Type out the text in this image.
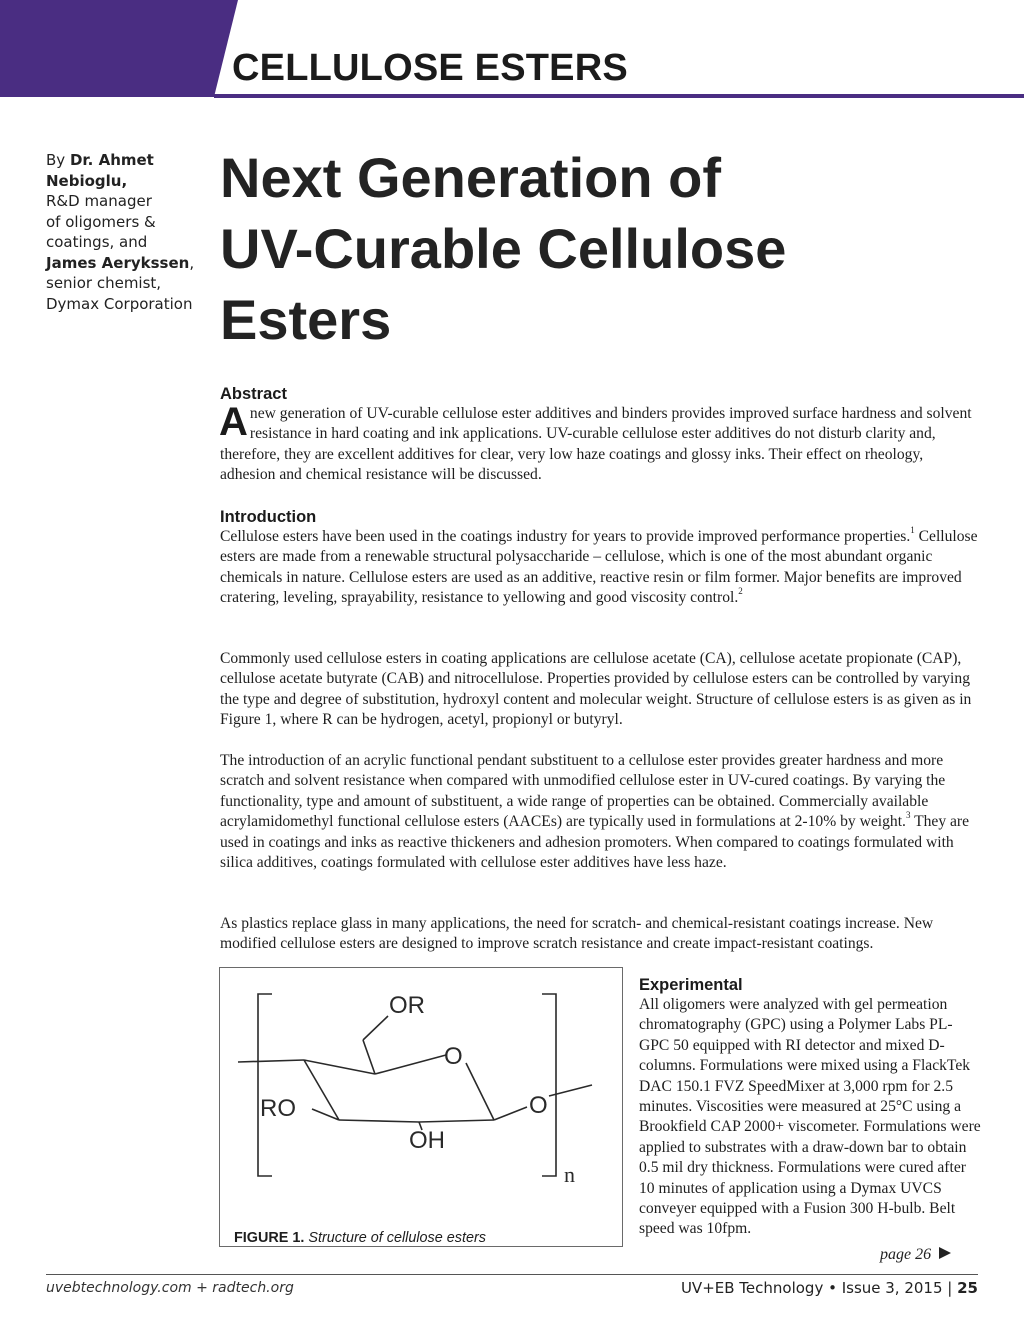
CELLULOSE ESTERS
By Dr. Ahmet
Nebioglu,
R&D manager
of oligomers &
coatings, and
James Aerykssen,
senior chemist,
Dymax Corporation
Next Generation of
UV-Curable Cellulose
Esters
Abstract

A new generation of UV-curable cellulose ester additives and binders provides improved surface hardness and solvent resistance in hard coating and ink applications. UV-curable cellulose ester additives do not disturb clarity and, therefore, they are excellent additives for clear, very low haze coatings and glossy inks. Their effect on rheology, adhesion and chemical resistance will be discussed.

Introduction

Cellulose esters have been used in the coatings industry for years to provide improved performance properties.$^1$ Cellulose esters are made from a renewable structural polysaccharide – cellulose, which is one of the most abundant organic chemicals in nature. Cellulose esters are used as an additive, reactive resin or film former. Major benefits are improved cratering, leveling, sprayability, resistance to yellowing and good viscosity control.$^2$

Commonly used cellulose esters in coating applications are cellulose acetate (CA), cellulose acetate propionate (CAP), cellulose acetate butyrate (CAB) and nitrocellulose. Properties provided by cellulose esters can be controlled by varying the type and degree of substitution, hydroxyl content and molecular weight. Structure of cellulose esters is as given as in Figure 1, where R can be hydrogen, acetyl, propionyl or butyryl.

The introduction of an acrylic functional pendant substituent to a cellulose ester provides greater hardness and more scratch and solvent resistance when compared with unmodified cellulose ester in UV-cured coatings. By varying the functionality, type and amount of substituent, a wide range of properties can be obtained. Commercially available acrylamidomethyl functional cellulose esters (AACEs) are typically used in formulations at 2-10% by weight.$^3$ They are used in coatings and inks as reactive thickeners and adhesion promoters. When compared to coatings formulated with silica additives, coatings formulated with cellulose ester additives have less haze.

As plastics replace glass in many applications, the need for scratch- and chemical-resistant coatings increase. New modified cellulose esters are designed to improve scratch resistance and create impact-resistant coatings.

OR
O
RO
OH
O
n
FIGURE 1. Structure of cellulose esters
Experimental

All oligomers were analyzed with gel permeation chromatography (GPC) using a Polymer Labs PL-GPC 50 equipped with RI detector and mixed D-columns. Formulations were mixed using a FlackTek DAC 150.1 FVZ SpeedMixer at 3,000 rpm for 2.5 minutes. Viscosities were measured at 25°C using a Brookfield CAP 2000+ viscometer. Formulations were applied to substrates with a draw-down bar to obtain 0.5 mil dry thickness. Formulations were cured after 10 minutes of application using a Dymax UVCS conveyer equipped with a Fusion 300 H-bulb. Belt speed was 10fpm.

page 26
uvebtechnology.com + radtech.org	UV+EB Technology • Issue 3, 2015 | 25
